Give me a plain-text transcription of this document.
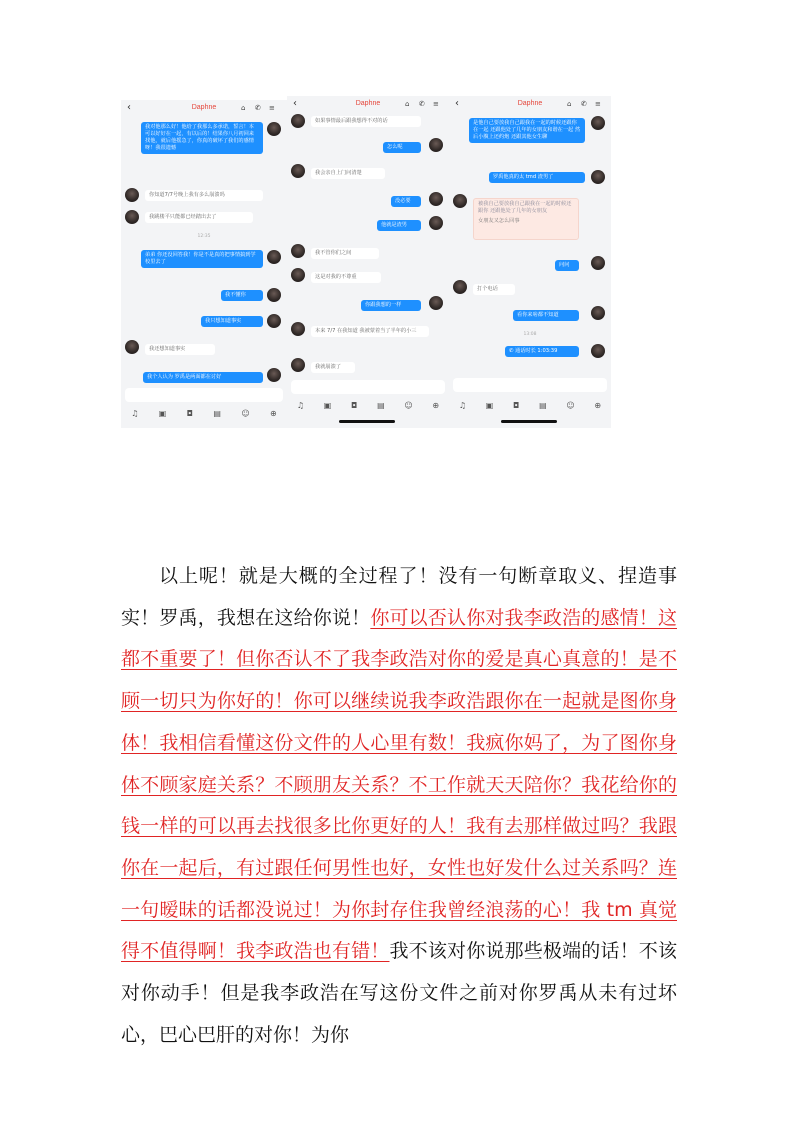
‹	Daphne	⌂ ✆ ≡
我对他那么好！他给了我那么多承诺，誓言！本可以好好在一起，有以后的！结果你八月初回来找他，就后他摇急了，你真的破坏了我们的感情呀！我很遗憾
你知道7/7号晚上我有多么崩溃吗
我跳楼平只能都已经踏出去了
12:35
弟弟 你还没回答我！你是不是真的把事情搞到学校里去了
我不懂你
我只想知道事实
我还想知道事实
我个人认为 罗禹是两面都在讨好
♫	▣	◘	▤	☺	⊕
‹	Daphne	⌂ ✆ ≡
如果事情最后跟我想得不对的话
怎么呢
我会亲自上门问清楚
没必要
他就是渣男
我不管你们之间
这是对我的不尊重
你跟我想的一样
本来 7/7 在我知道 我被蒙着当了半年的小三
我就崩溃了
♫ ▣ ◘ ▤ ☺ ⊕
‹	Daphne	⌂ ✆ ≡
是他自己要放我自己跟我在一起的时候还跟你在一起 还跟他处了几年的女朋友和谐在一起 然后小腹上还约炮 还跟其他女生聊
罗禹他真的太 tmd 渣男了
被我自己要放我自己跟我在一起的时候还跟你 还跟他处了几年的女朋友
女朋友又怎么回事
问问
打个电话
看你来啥都不知道
13:08
✆ 通话时长 1:03:39
♫ ▣ ◘ ▤ ☺ ⊕
以上呢！就是大概的全过程了！没有一句断章取义、捏造事实！罗禹，我想在这给你说！你可以否认你对我李政浩的感情！这都不重要了！但你否认不了我李政浩对你的爱是真心真意的！是不顾一切只为你好的！你可以继续说我李政浩跟你在一起就是图你身体！我相信看懂这份文件的人心里有数！我疯你妈了，为了图你身体不顾家庭关系？不顾朋友关系？不工作就天天陪你？我花给你的钱一样的可以再去找很多比你更好的人！我有去那样做过吗？我跟你在一起后，有过跟任何男性也好，女性也好发什么过关系吗？连一句暧昧的话都没说过！为你封存住我曾经浪荡的心！我 tm 真觉得不值得啊！我李政浩也有错！我不该对你说那些极端的话！不该对你动手！但是我李政浩在写这份文件之前对你罗禹从未有过坏心，巴心巴肝的对你！为你
